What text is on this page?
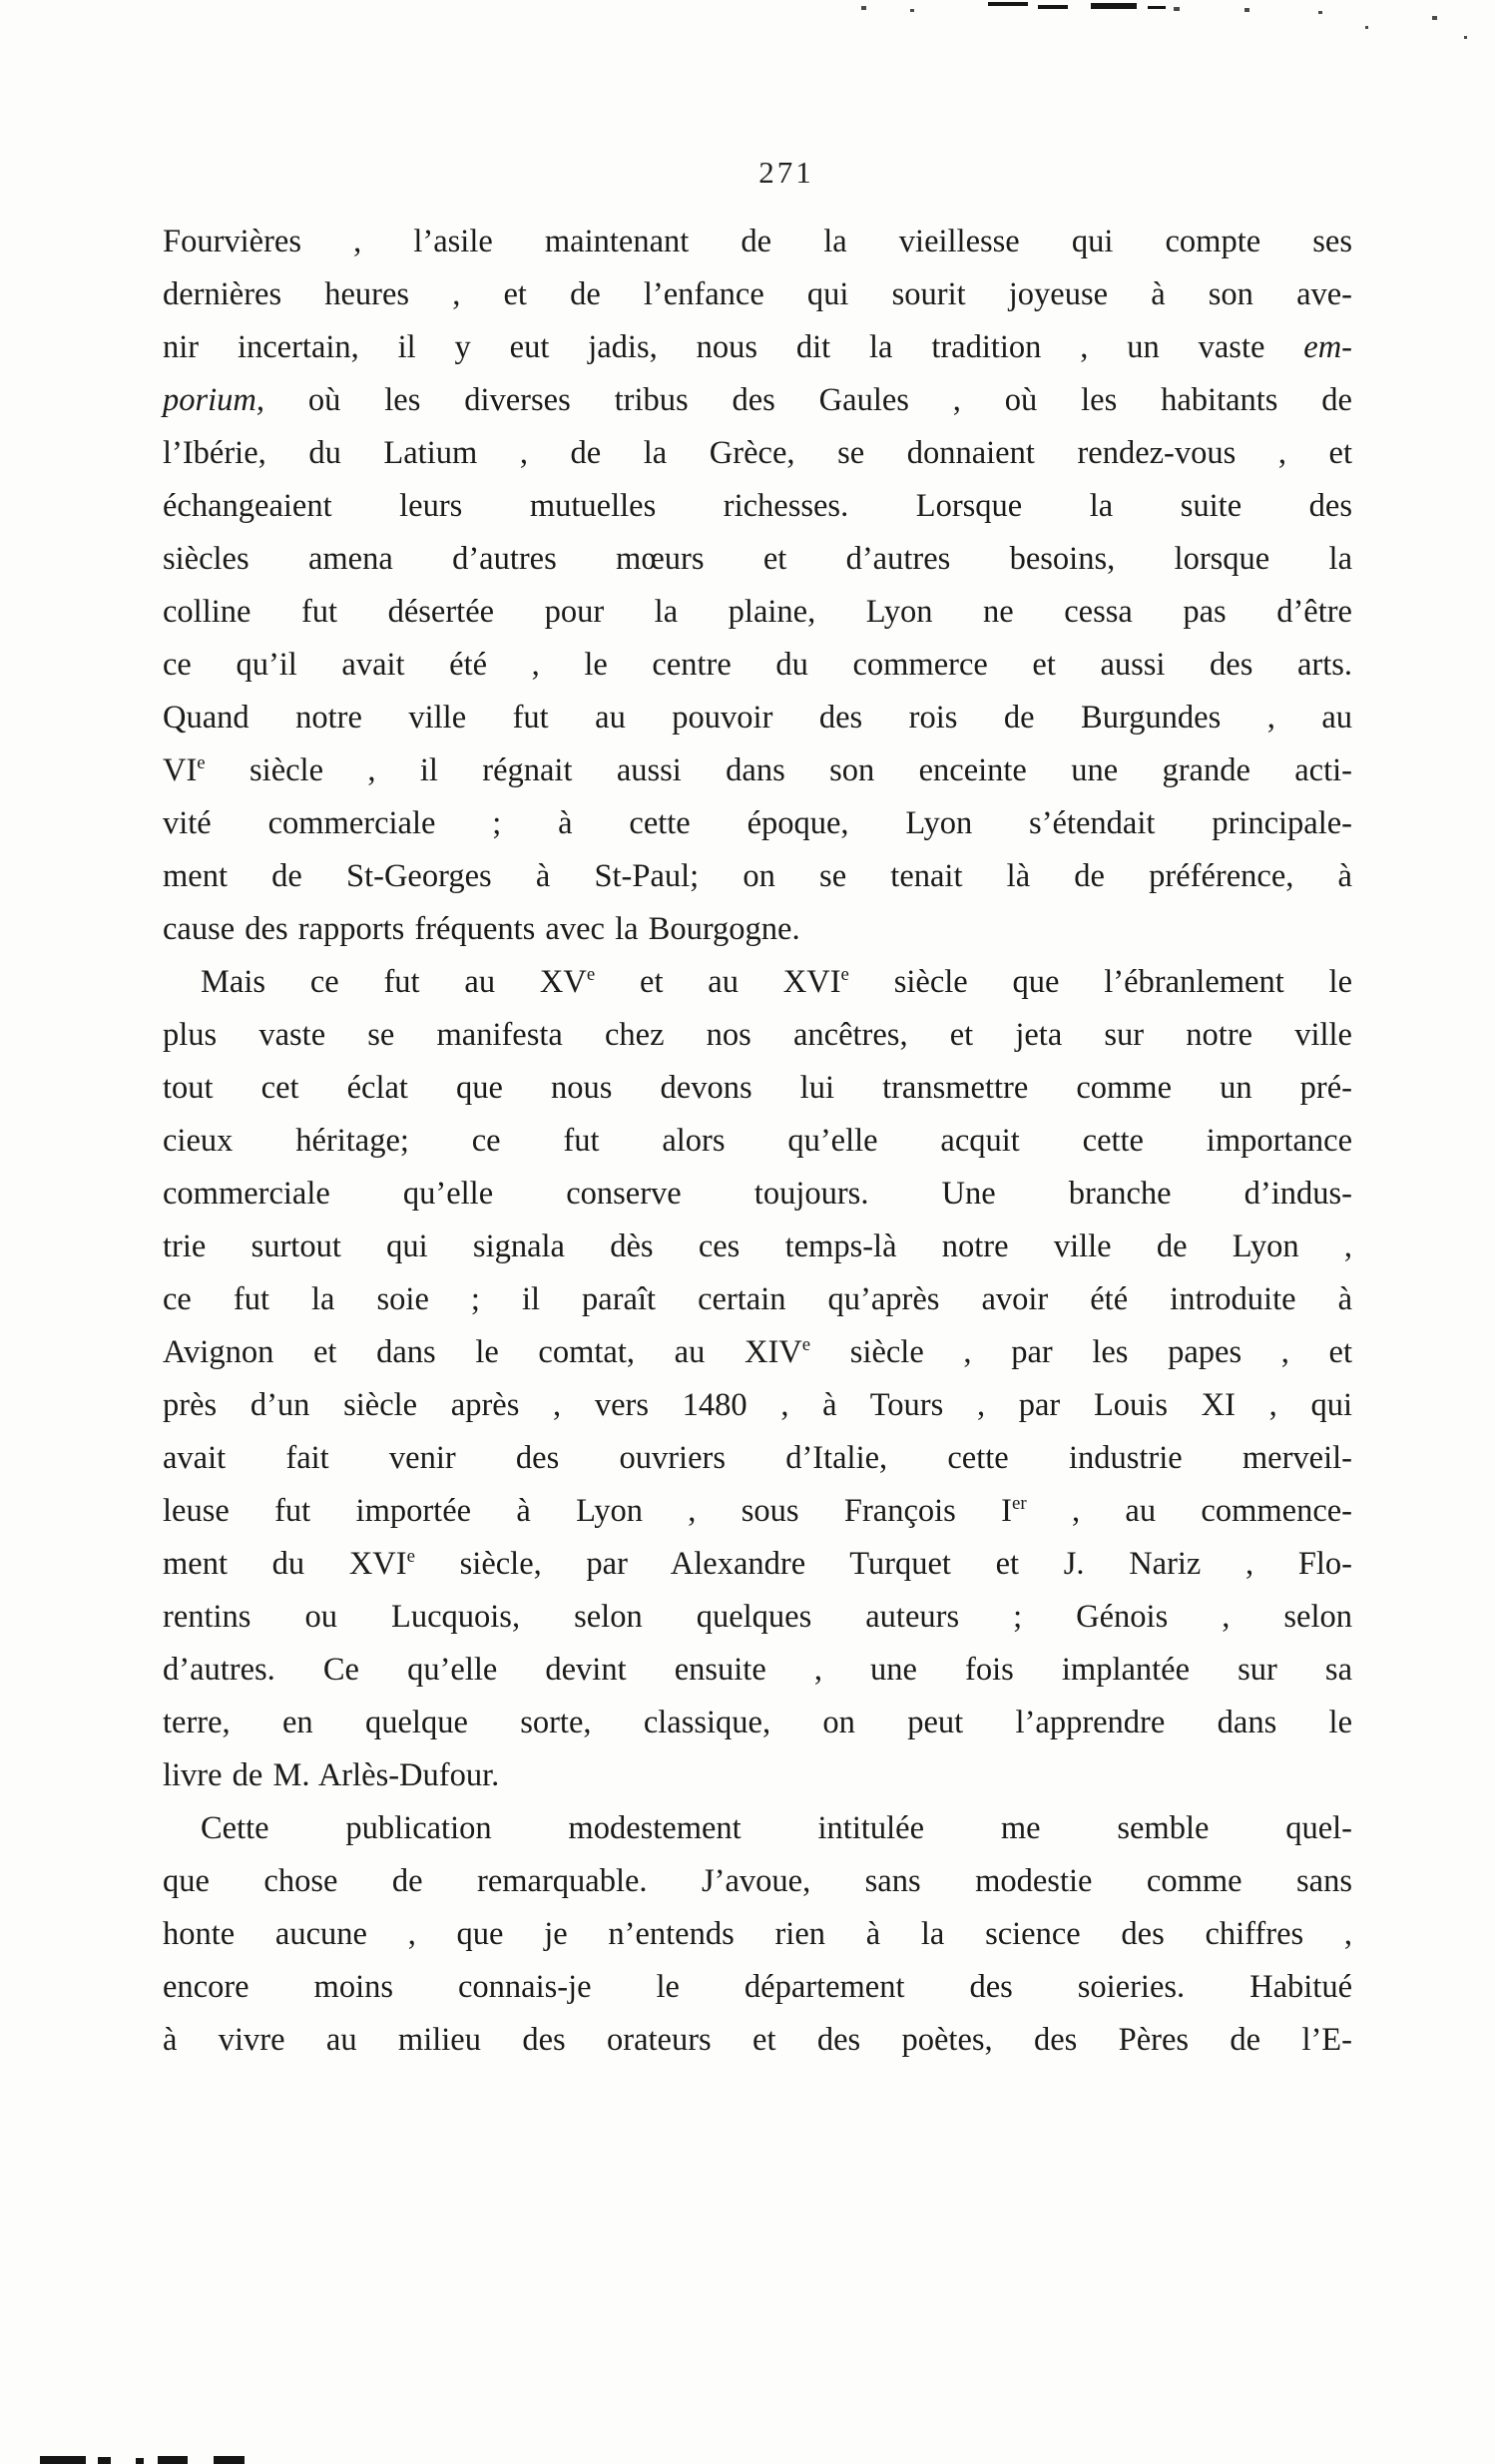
271
Fourvières , l’asile maintenant de la vieillesse qui compte ses
dernières heures , et de l’enfance qui sourit joyeuse à son ave-
nir incertain, il y eut jadis, nous dit la tradition , un vaste em-
porium, où les diverses tribus des Gaules , où les habitants de
l’Ibérie, du Latium , de la Grèce, se donnaient rendez-vous , et
échangeaient leurs mutuelles richesses. Lorsque la suite des
siècles amena d’autres mœurs et d’autres besoins, lorsque la
colline fut désertée pour la plaine, Lyon ne cessa pas d’être
ce qu’il avait été , le centre du commerce et aussi des arts.
Quand notre ville fut au pouvoir des rois de Burgundes , au
VIe siècle , il régnait aussi dans son enceinte une grande acti-
vité commerciale ; à cette époque, Lyon s’étendait principale-
ment de St-Georges à St-Paul; on se tenait là de préférence, à
cause des rapports fréquents avec la Bourgogne.
Mais ce fut au XVe et au XVIe siècle que l’ébranlement le
plus vaste se manifesta chez nos ancêtres, et jeta sur notre ville
tout cet éclat que nous devons lui transmettre comme un pré-
cieux héritage; ce fut alors qu’elle acquit cette importance
commerciale qu’elle conserve toujours. Une branche d’indus-
trie surtout qui signala dès ces temps-là notre ville de Lyon ,
ce fut la soie ; il paraît certain qu’après avoir été introduite à
Avignon et dans le comtat, au XIVe siècle , par les papes , et
près d’un siècle après , vers 1480 , à Tours , par Louis XI , qui
avait fait venir des ouvriers d’Italie, cette industrie merveil-
leuse fut importée à Lyon , sous François Ier , au commence-
ment du XVIe siècle, par Alexandre Turquet et J. Nariz , Flo-
rentins ou Lucquois, selon quelques auteurs ; Génois , selon
d’autres. Ce qu’elle devint ensuite , une fois implantée sur sa
terre, en quelque sorte, classique, on peut l’apprendre dans le
livre de M. Arlès-Dufour.
Cette publication modestement intitulée me semble quel-
que chose de remarquable. J’avoue, sans modestie comme sans
honte aucune , que je n’entends rien à la science des chiffres ,
encore moins connais-je le département des soieries. Habitué
à vivre au milieu des orateurs et des poètes, des Pères de l’E-
